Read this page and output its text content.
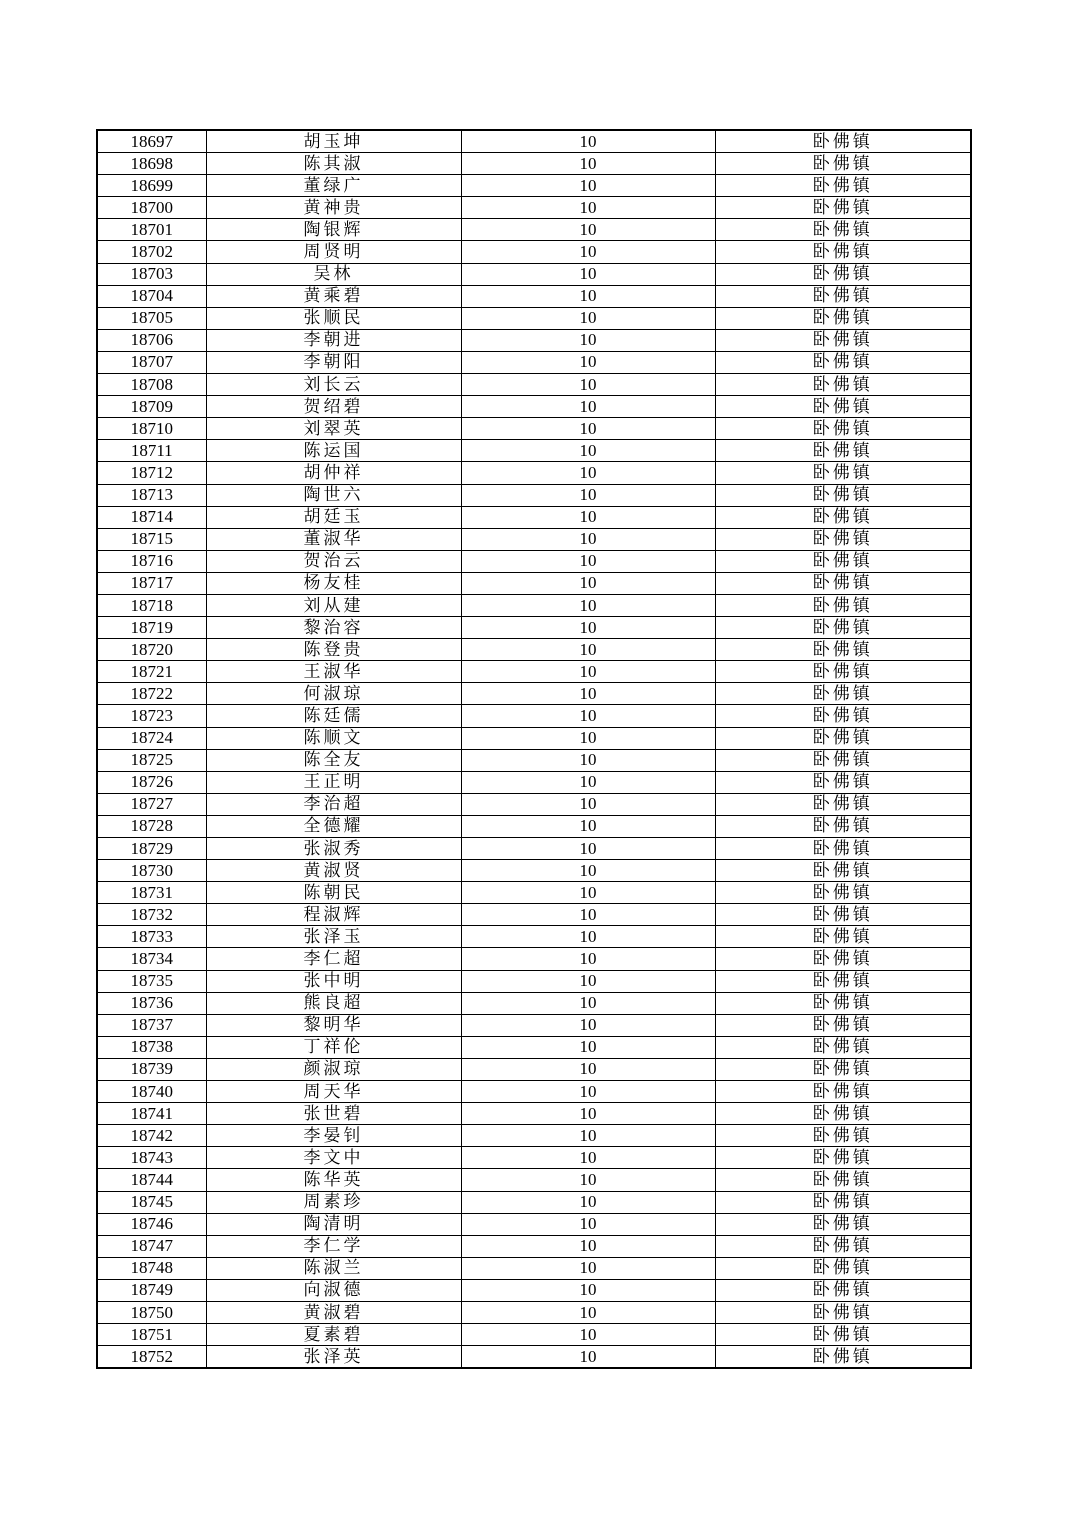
18697	胡玉坤	10	卧佛镇
18698	陈其淑	10	卧佛镇
18699	董绿广	10	卧佛镇
18700	黄神贵	10	卧佛镇
18701	陶银辉	10	卧佛镇
18702	周贤明	10	卧佛镇
18703	吴林	10	卧佛镇
18704	黄乘碧	10	卧佛镇
18705	张顺民	10	卧佛镇
18706	李朝进	10	卧佛镇
18707	李朝阳	10	卧佛镇
18708	刘长云	10	卧佛镇
18709	贺绍碧	10	卧佛镇
18710	刘翠英	10	卧佛镇
18711	陈运国	10	卧佛镇
18712	胡仲祥	10	卧佛镇
18713	陶世六	10	卧佛镇
18714	胡廷玉	10	卧佛镇
18715	董淑华	10	卧佛镇
18716	贺治云	10	卧佛镇
18717	杨友桂	10	卧佛镇
18718	刘从建	10	卧佛镇
18719	黎治容	10	卧佛镇
18720	陈登贵	10	卧佛镇
18721	王淑华	10	卧佛镇
18722	何淑琼	10	卧佛镇
18723	陈廷儒	10	卧佛镇
18724	陈顺文	10	卧佛镇
18725	陈全友	10	卧佛镇
18726	王正明	10	卧佛镇
18727	李治超	10	卧佛镇
18728	全德耀	10	卧佛镇
18729	张淑秀	10	卧佛镇
18730	黄淑贤	10	卧佛镇
18731	陈朝民	10	卧佛镇
18732	程淑辉	10	卧佛镇
18733	张泽玉	10	卧佛镇
18734	李仁超	10	卧佛镇
18735	张中明	10	卧佛镇
18736	熊良超	10	卧佛镇
18737	黎明华	10	卧佛镇
18738	丁祥伦	10	卧佛镇
18739	颜淑琼	10	卧佛镇
18740	周天华	10	卧佛镇
18741	张世碧	10	卧佛镇
18742	李晏钊	10	卧佛镇
18743	李文中	10	卧佛镇
18744	陈华英	10	卧佛镇
18745	周素珍	10	卧佛镇
18746	陶清明	10	卧佛镇
18747	李仁学	10	卧佛镇
18748	陈淑兰	10	卧佛镇
18749	向淑德	10	卧佛镇
18750	黄淑碧	10	卧佛镇
18751	夏素碧	10	卧佛镇
18752	张泽英	10	卧佛镇
